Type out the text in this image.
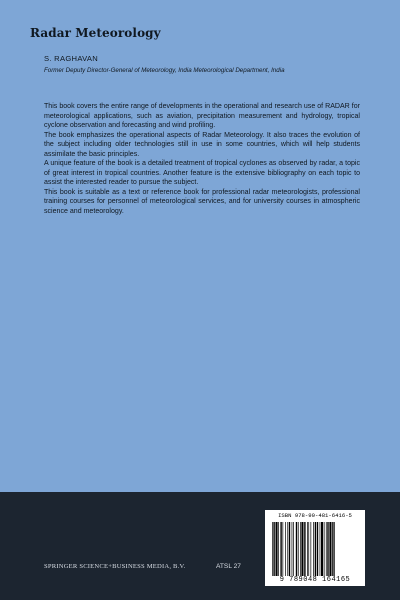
Radar Meteorology
S. RAGHAVAN
Former Deputy Director-General of Meteorology, India Meteorological Department, India

This book covers the entire range of developments in the operational and research use of RADAR for meteorological applications, such as aviation, precipitation measurement and hydrology, tropical cyclone observation and forecasting and wind profiling.

The book emphasizes the operational aspects of Radar Meteorology. It also traces the evolution of the subject including older technologies still in use in some countries, which will help students assimilate the basic principles.

A unique feature of the book is a detailed treatment of tropical cyclones as observed by radar, a topic of great interest in tropical countries. Another feature is the extensive bibliography on each topic to assist the interested reader to pursue the subject.

This book is suitable as a text or reference book for professional radar meteorologists, professional training courses for personnel of meteorological services, and for university courses in atmospheric science and meteorology.

SPRINGER SCIENCE+BUSINESS MEDIA, B.V.	ATSL 27
ISBN 978-90-481-6416-5
9 789048 164165
